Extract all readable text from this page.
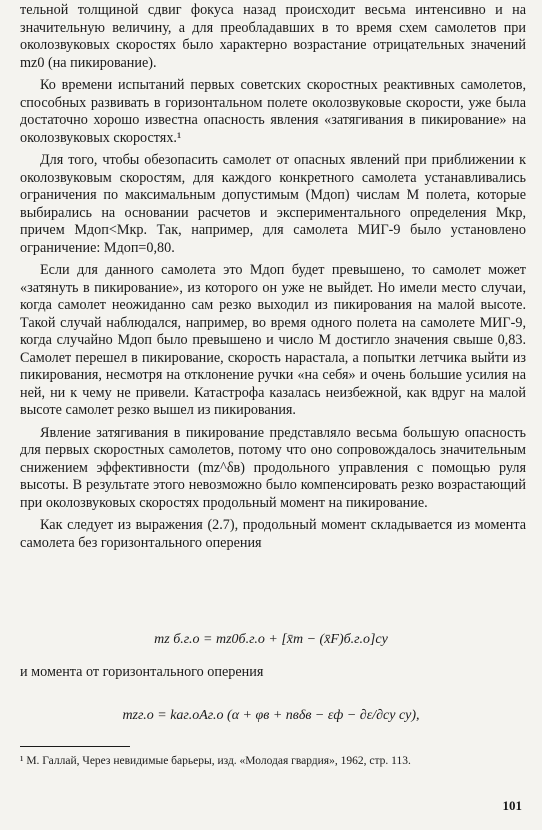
тельной толщиной сдвиг фокуса назад происходит весьма интенсивно и на значительную величину, а для преобладавших в то время схем самолетов при околозвуковых скоростях было характерно возрастание отрицательных значений mz0 (на пикирование).

Ко времени испытаний первых советских скоростных реактивных самолетов, способных развивать в горизонтальном полете околозвуковые скорости, уже была достаточно хорошо известна опасность явления «затягивания в пикирование» на околозвуковых скоростях.¹

Для того, чтобы обезопасить самолет от опасных явлений при приближении к околозвуковым скоростям, для каждого конкретного самолета устанавливались ограничения по максимальным допустимым (Mдоп) числам M полета, которые выбирались на основании расчетов и экспериментального определения Mкр, причем Mдоп<Mкр. Так, например, для самолета МИГ-9 было установлено ограничение: Mдоп=0,80.

Если для данного самолета это Mдоп будет превышено, то самолет может «затянуть в пикирование», из которого он уже не выйдет. Но имели место случаи, когда самолет неожиданно сам резко выходил из пикирования на малой высоте. Такой случай наблюдался, например, во время одного полета на самолете МИГ-9, когда случайно Mдоп было превышено и число M достигло значения свыше 0,83. Самолет перешел в пикирование, скорость нарастала, а попытки летчика выйти из пикирования, несмотря на отклонение ручки «на себя» и очень большие усилия на ней, ни к чему не привели. Катастрофа казалась неизбежной, как вдруг на малой высоте самолет резко вышел из пикирования.

Явление затягивания в пикирование представляло весьма большую опасность для первых скоростных самолетов, потому что оно сопровождалось значительным снижением эффективности (mz^δв) продольного управления с помощью руля высоты. В результате этого невозможно было компенсировать резко возрастающий при околозвуковых скоростях продольный момент на пикирование.

Как следует из выражения (2.7), продольный момент складывается из момента самолета без горизонтального оперения

mz б.г.о = mz0б.г.о + [x̄т − (x̄F)б.г.о]cy
и момента от горизонтального оперения
mzг.о = kaг.оAг.о (α + φв + nвδв − εф − ∂ε/∂cy cy),
¹ М. Галлай, Через невидимые барьеры, изд. «Молодая гвардия», 1962, стр. 113.
101
